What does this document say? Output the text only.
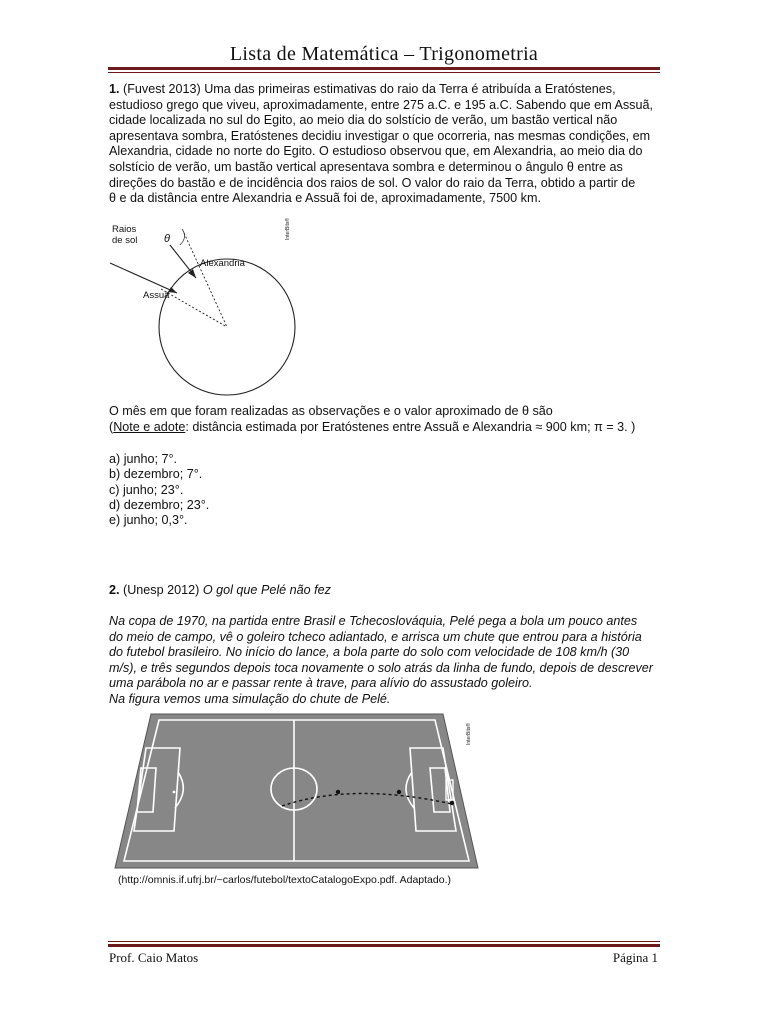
Lista de Matemática – Trigonometria
1. (Fuvest 2013) Uma das primeiras estimativas do raio da Terra é atribuída a Eratóstenes,
estudioso grego que viveu, aproximadamente, entre 275 a.C. e 195 a.C. Sabendo que em Assuã,
cidade localizada no sul do Egito, ao meio dia do solstício de verão, um bastão vertical não
apresentava sombra, Eratóstenes decidiu investigar o que ocorreria, nas mesmas condições, em
Alexandria, cidade no norte do Egito. O estudioso observou que, em Alexandria, ao meio dia do
solstício de verão, um bastão vertical apresentava sombra e determinou o ângulo θ entre as
direções do bastão e de incidência dos raios de sol. O valor do raio da Terra, obtido a partir de
θ e da distância entre Alexandria e Assuã foi de, aproximadamente, 7500 km.
Raios
de sol θ
Alexandria
Assuã
InterBits®
O mês em que foram realizadas as observações e o valor aproximado de θ são
(Note e adote: distância estimada por Eratóstenes entre Assuã e Alexandria ≈ 900 km; π = 3. )
a) junho; 7°.
b) dezembro; 7°.
c) junho; 23°.
d) dezembro; 23°.
e) junho; 0,3°.
2. (Unesp 2012) O gol que Pelé não fez
Na copa de 1970, na partida entre Brasil e Tchecoslováquia, Pelé pega a bola um pouco antes
do meio de campo, vê o goleiro tcheco adiantado, e arrisca um chute que entrou para a história
do futebol brasileiro. No início do lance, a bola parte do solo com velocidade de 108 km/h (30
m/s), e três segundos depois toca novamente o solo atrás da linha de fundo, depois de descrever
uma parábola no ar e passar rente à trave, para alívio do assustado goleiro.
Na figura vemos uma simulação do chute de Pelé.
InterBits®
(http://omnis.if.ufrj.br/~carlos/futebol/textoCatalogoExpo.pdf. Adaptado.)
Prof. Caio Matos	Página 1
